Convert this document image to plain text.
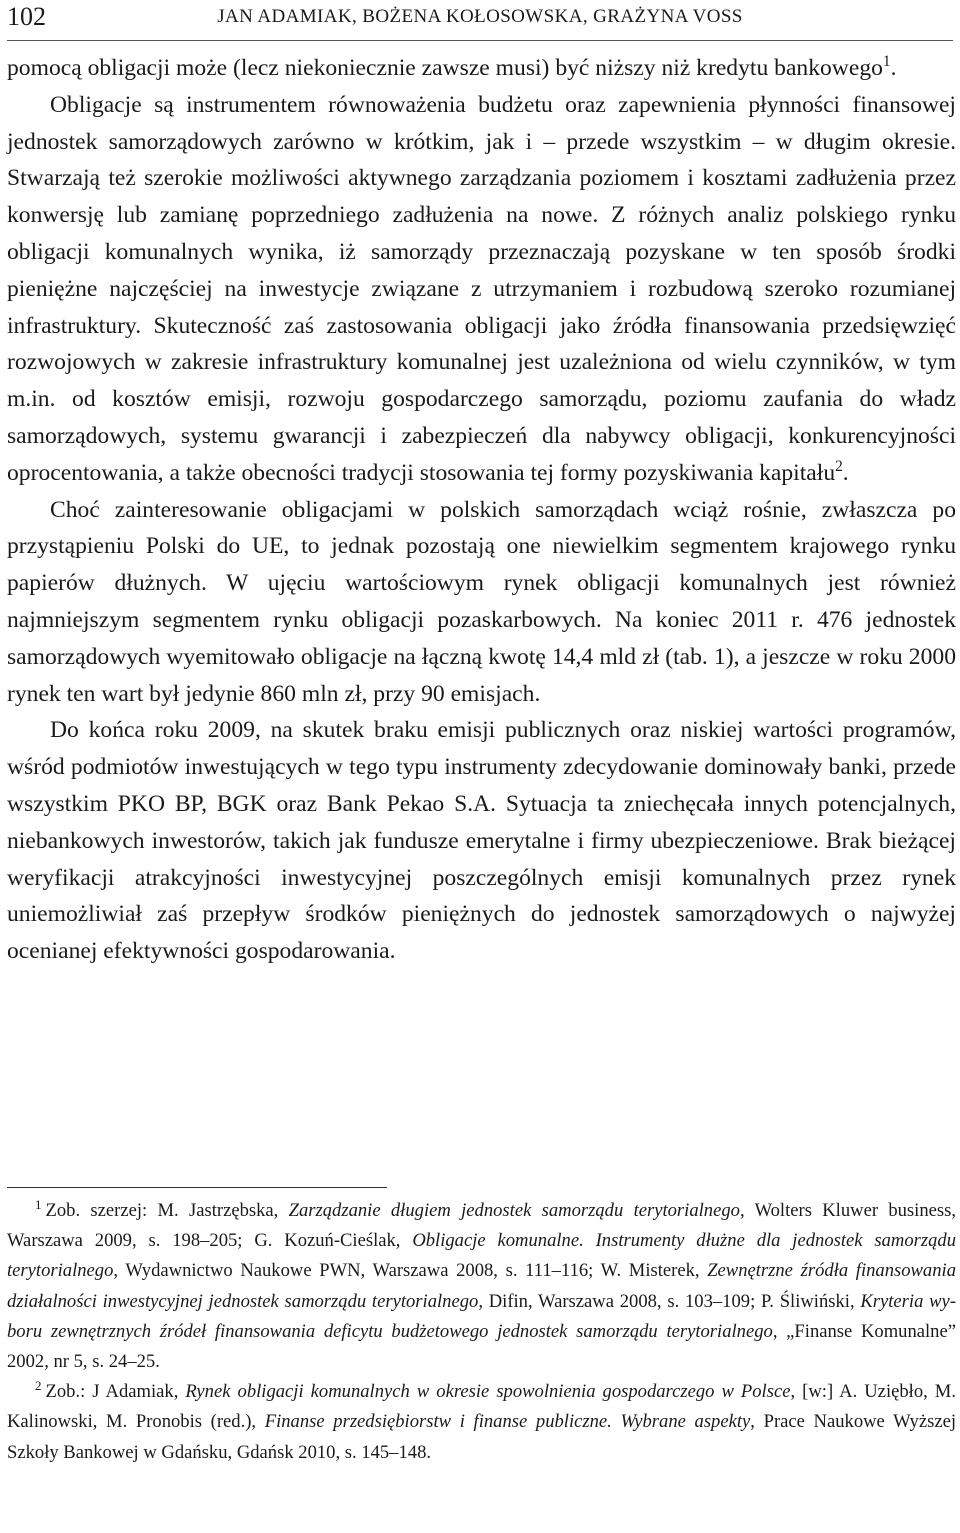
102	JAN ADAMIAK, BOŻENA KOŁOSOWSKA, GRAŻYNA VOSS

pomocą obligacji może (lecz niekoniecznie zawsze musi) być niższy niż kredytu bankowego$^1$.

Obligacje są instrumentem równoważenia budżetu oraz zapewnienia płynności finansowej jednostek samorządowych zarówno w krótkim, jak i – przede wszystkim – w długim okresie. Stwarzają też szerokie możliwości aktywnego zarządzania poziomem i kosztami zadłużenia przez konwersję lub zamianę poprzedniego zadłużenia na nowe. Z różnych analiz polskiego rynku obligacji komunalnych wynika, iż samorządy przeznaczają pozyskane w ten sposób środki pieniężne najczęściej na inwestycje związane z utrzymaniem i rozbudową szeroko rozumianej infrastruktury. Skuteczność zaś zastosowania obligacji jako źródła finansowania przedsięwzięć rozwojowych w zakresie infrastruktury komunalnej jest uzależniona od wielu czynników, w tym m.in. od kosztów emisji, rozwoju gospodarczego samorządu, poziomu zaufania do władz samorządowych, systemu gwarancji i zabezpieczeń dla nabywcy obligacji, konkurencyjności oprocentowania, a także obecności tradycji stosowania tej formy pozyskiwania kapitału$^2$.

Choć zainteresowanie obligacjami w polskich samorządach wciąż rośnie, zwłaszcza po przystąpieniu Polski do UE, to jednak pozostają one niewielkim segmentem krajowego rynku papierów dłużnych. W ujęciu wartościowym rynek obligacji komunalnych jest również najmniejszym segmentem rynku obligacji pozaskarbowych. Na koniec 2011 r. 476 jednostek samorządowych wyemitowało obligacje na łączną kwotę 14,4 mld zł (tab. 1), a jeszcze w roku 2000 rynek ten wart był jedynie 860 mln zł, przy 90 emisjach.

Do końca roku 2009, na skutek braku emisji publicznych oraz niskiej wartości programów, wśród podmiotów inwestujących w tego typu instrumenty zdecydowanie dominowały banki, przede wszystkim PKO BP, BGK oraz Bank Pekao S.A. Sytuacja ta zniechęcała innych potencjalnych, niebankowych inwestorów, takich jak fundusze emerytalne i firmy ubezpieczeniowe. Brak bieżącej weryfikacji atrakcyjności inwestycyjnej poszczególnych emisji komunalnych przez rynek uniemożliwiał zaś przepływ środków pieniężnych do jednostek samorządowych o najwyżej ocenianej efektywności gospodarowania.

$^1$ Zob. szerzej: M. Jastrzębska, Zarządzanie długiem jednostek samorządu terytorialnego, Wolters Kluwer business, Warszawa 2009, s. 198–205; G. Kozuń-Cieślak, Obligacje komunalne. Instrumenty dłużne dla jednostek samorządu terytorialnego, Wydawnictwo Naukowe PWN, Warszawa 2008, s. 111–116; W. Misterek, Zewnętrzne źródła finansowania działalności inwestycyjnej jednostek samorządu terytorialnego, Difin, Warszawa 2008, s. 103–109; P. Śliwiński, Kryteria wyboru zewnętrznych źródeł finansowania deficytu budżetowego jednostek samorządu terytorialnego, „Finanse Komunalne” 2002, nr 5, s. 24–25.

$^2$ Zob.: J Adamiak, Rynek obligacji komunalnych w okresie spowolnienia gospodarczego w Polsce, [w:] A. Uziębło, M. Kalinowski, M. Pronobis (red.), Finanse przedsiębiorstw i finanse publiczne. Wybrane aspekty, Prace Naukowe Wyższej Szkoły Bankowej w Gdańsku, Gdańsk 2010, s. 145–148.
